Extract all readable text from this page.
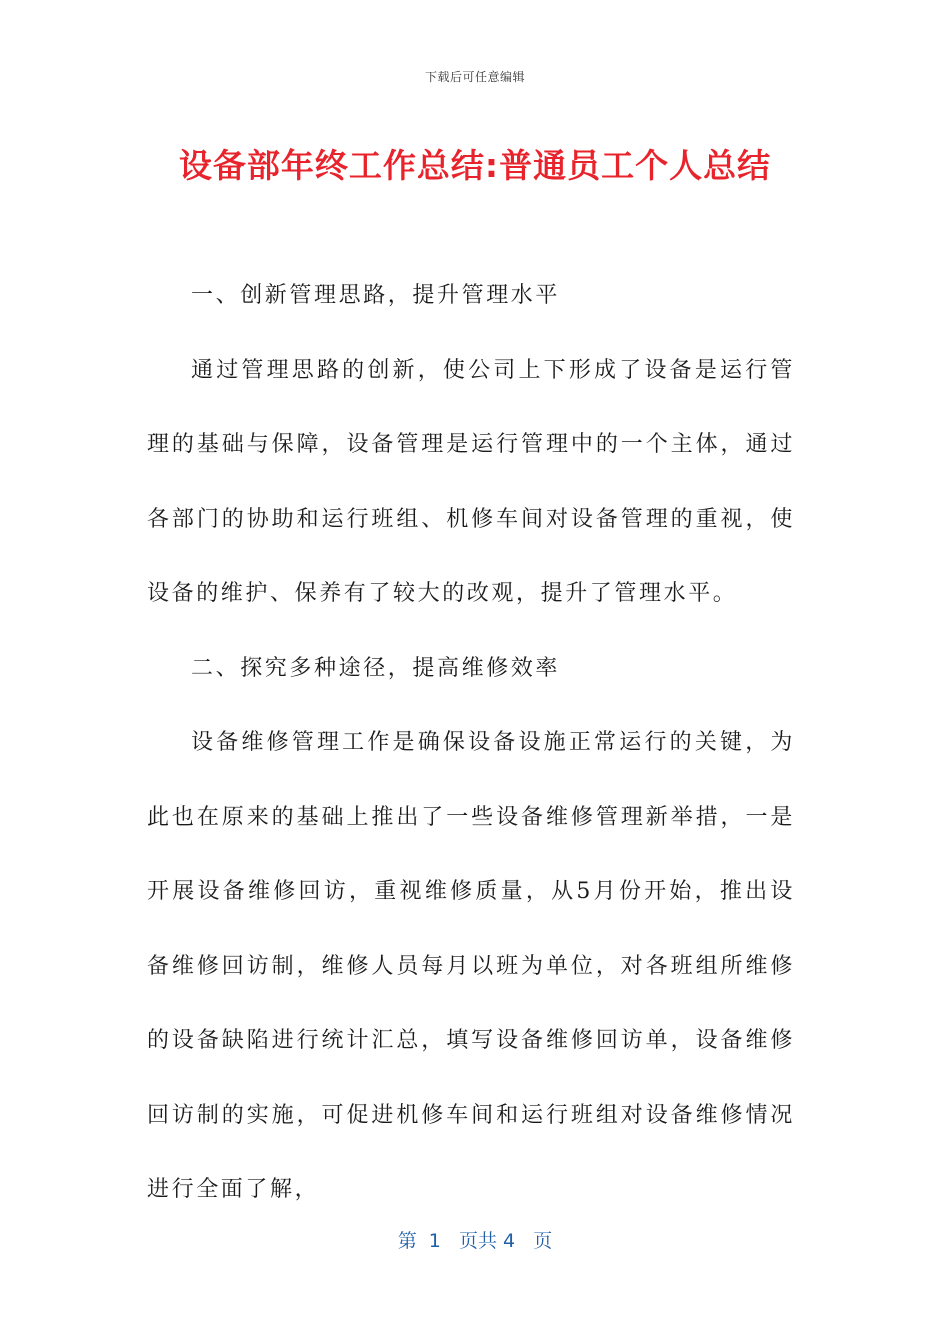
下载后可任意编辑
设备部年终工作总结:普通员工个人总结

一、创新管理思路，提升管理水平

通过管理思路的创新，使公司上下形成了设备是运行管理的基础与保障，设备管理是运行管理中的一个主体，通过各部门的协助和运行班组、机修车间对设备管理的重视，使设备的维护、保养有了较大的改观，提升了管理水平。

二、探究多种途径，提高维修效率

设备维修管理工作是确保设备设施正常运行的关键，为此也在原来的基础上推出了一些设备维修管理新举措，一是开展设备维修回访，重视维修质量，从5月份开始，推出设备维修回访制，维修人员每月以班为单位，对各班组所维修的设备缺陷进行统计汇总，填写设备维修回访单，设备维修回访制的实施，可促进机修车间和运行班组对设备维修情况进行全面了解，

第  1   页共 4   页
